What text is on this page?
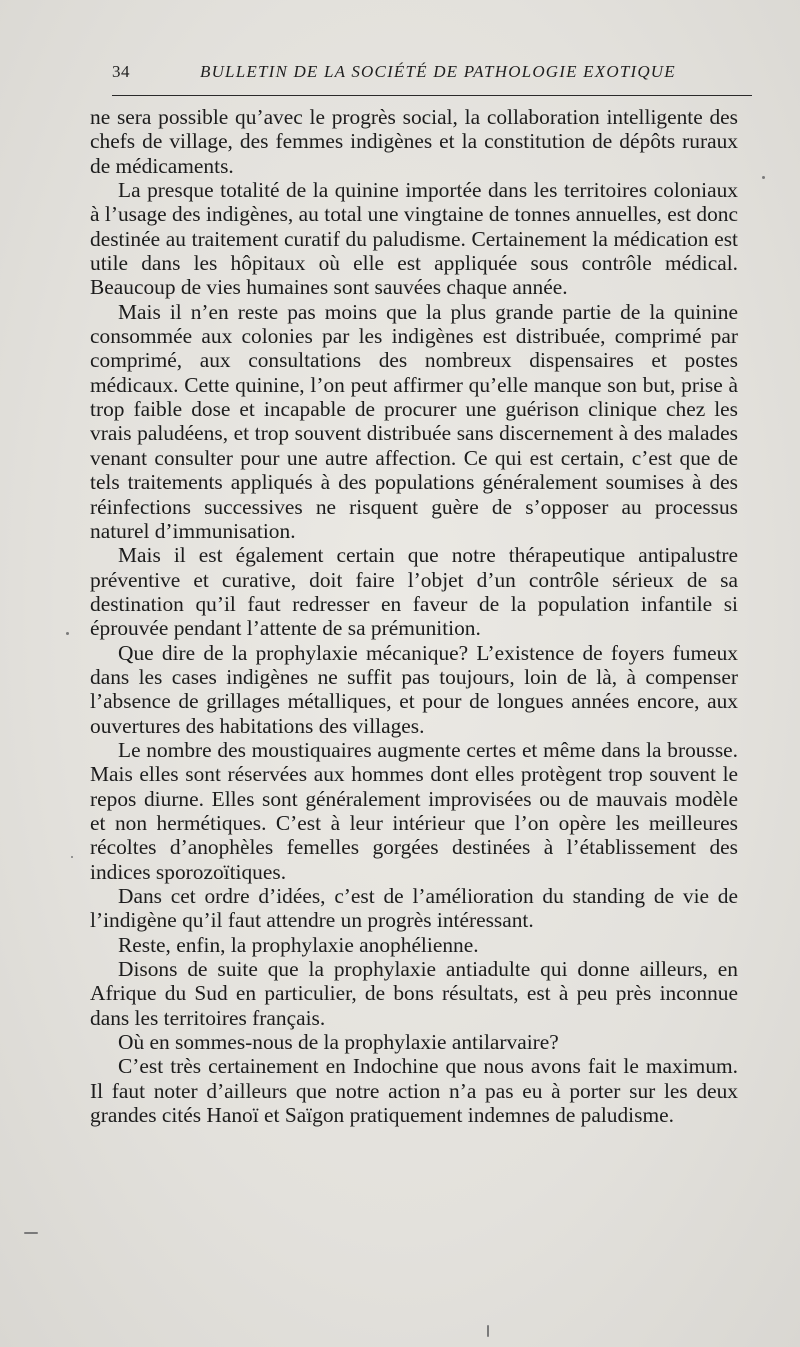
34	BULLETIN DE LA SOCIÉTÉ DE PATHOLOGIE EXOTIQUE

ne sera possible qu’avec le progrès social, la collaboration intelligente des chefs de village, des femmes indigènes et la constitution de dépôts ruraux de médicaments.

La presque totalité de la quinine importée dans les territoires coloniaux à l’usage des indigènes, au total une vingtaine de tonnes annuelles, est donc destinée au traitement curatif du paludisme. Certainement la médication est utile dans les hôpitaux où elle est appliquée sous contrôle médical. Beaucoup de vies humaines sont sauvées chaque année.

Mais il n’en reste pas moins que la plus grande partie de la quinine consommée aux colonies par les indigènes est distribuée, comprimé par comprimé, aux consultations des nombreux dispensaires et postes médicaux. Cette quinine, l’on peut affirmer qu’elle manque son but, prise à trop faible dose et incapable de procurer une guérison clinique chez les vrais paludéens, et trop souvent distribuée sans discernement à des malades venant consulter pour une autre affection. Ce qui est certain, c’est que de tels traitements appliqués à des populations généralement soumises à des réinfections successives ne risquent guère de s’opposer au processus naturel d’immunisation.

Mais il est également certain que notre thérapeutique antipalustre préventive et curative, doit faire l’objet d’un contrôle sérieux de sa destination qu’il faut redresser en faveur de la population infantile si éprouvée pendant l’attente de sa prémunition.

Que dire de la prophylaxie mécanique? L’existence de foyers fumeux dans les cases indigènes ne suffit pas toujours, loin de là, à compenser l’absence de grillages métalliques, et pour de longues années encore, aux ouvertures des habitations des villages.

Le nombre des moustiquaires augmente certes et même dans la brousse. Mais elles sont réservées aux hommes dont elles protègent trop souvent le repos diurne. Elles sont généralement improvisées ou de mauvais modèle et non hermétiques. C’est à leur intérieur que l’on opère les meilleures récoltes d’anophèles femelles gorgées destinées à l’établissement des indices sporozoïtiques.

Dans cet ordre d’idées, c’est de l’amélioration du standing de vie de l’indigène qu’il faut attendre un progrès intéressant.

Reste, enfin, la prophylaxie anophélienne.

Disons de suite que la prophylaxie antiadulte qui donne ailleurs, en Afrique du Sud en particulier, de bons résultats, est à peu près inconnue dans les territoires français.

Où en sommes-nous de la prophylaxie antilarvaire?

C’est très certainement en Indochine que nous avons fait le maximum. Il faut noter d’ailleurs que notre action n’a pas eu à porter sur les deux grandes cités Hanoï et Saïgon pratiquement indemnes de paludisme.
